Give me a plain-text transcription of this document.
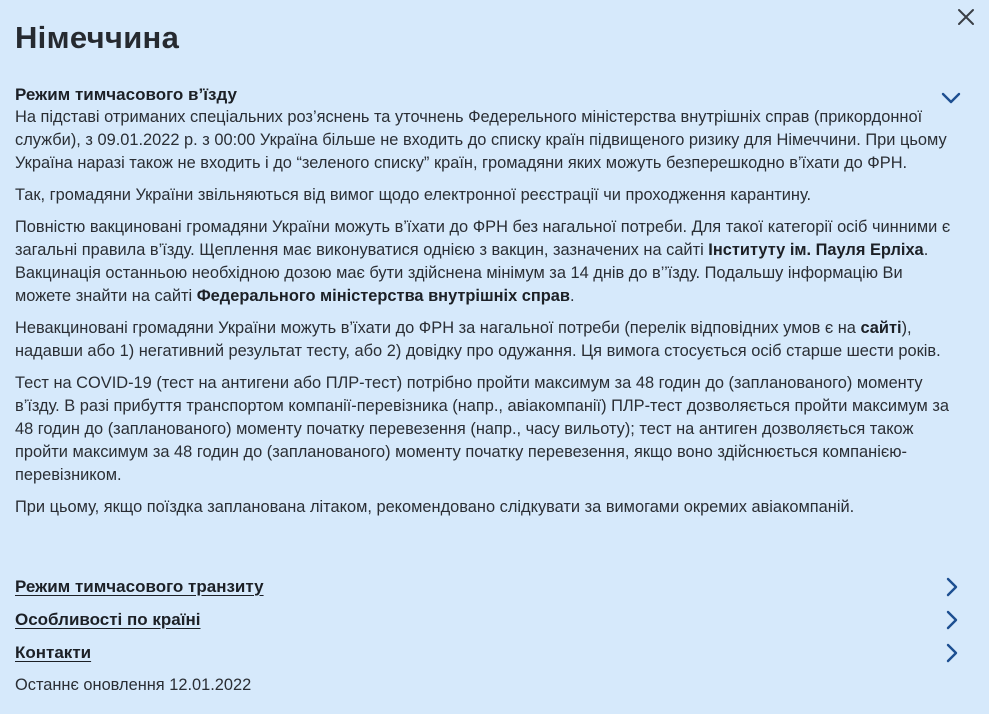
Німеччина
Режим тимчасового в’їзду

На підставі отриманих спеціальних роз’яснень та уточнень Федерельного міністерства внутрішніх справ (прикордонної служби), з 09.01.2022 р. з 00:00 Україна більше не входить до списку країн підвищеного ризику для Німеччини. При цьому Україна наразі також не входить і до “зеленого списку” країн, громадяни яких можуть безперешкодно в’їхати до ФРН.

Так, громадяни України звільняються від вимог щодо електронної реєстрації чи проходження карантину.

Повністю вакциновані громадяни України можуть в’їхати до ФРН без нагальної потреби. Для такої категорії осіб чинними є загальні правила в’їзду. Щеплення має виконуватися однією з вакцин, зазначених на сайті Інституту ім. Пауля Ерліха. Вакцинація останньою необхідною дозою має бути здійснена мінімум за 14 днів до в’’їзду. Подальшу інформацію Ви можете знайти на сайті Федерального міністерства внутрішніх справ.

Невакциновані громадяни України можуть в’їхати до ФРН за нагальної потреби (перелік відповідних умов є на сайті), надавши або 1) негативний результат тесту, або 2) довідку про одужання. Ця вимога стосується осіб старше шести років.

Тест на COVID-19 (тест на антигени або ПЛР-тест) потрібно пройти максимум за 48 годин до (запланованого) моменту в’їзду. В разі прибуття транспортом компанії-перевізника (напр., авіакомпанії) ПЛР-тест дозволяється пройти максимум за 48 годин до (запланованого) моменту початку перевезення (напр., часу вильоту); тест на антиген дозволяється також пройти максимум за 48 годин до (запланованого) моменту початку перевезення, якщо воно здійснюється компанією-перевізником.

При цьому, якщо поїздка запланована літаком, рекомендовано слідкувати за вимогами окремих авіакомпаній.

Режим тимчасового транзиту
Особливості по країні
Контакти
Останнє оновлення 12.01.2022
